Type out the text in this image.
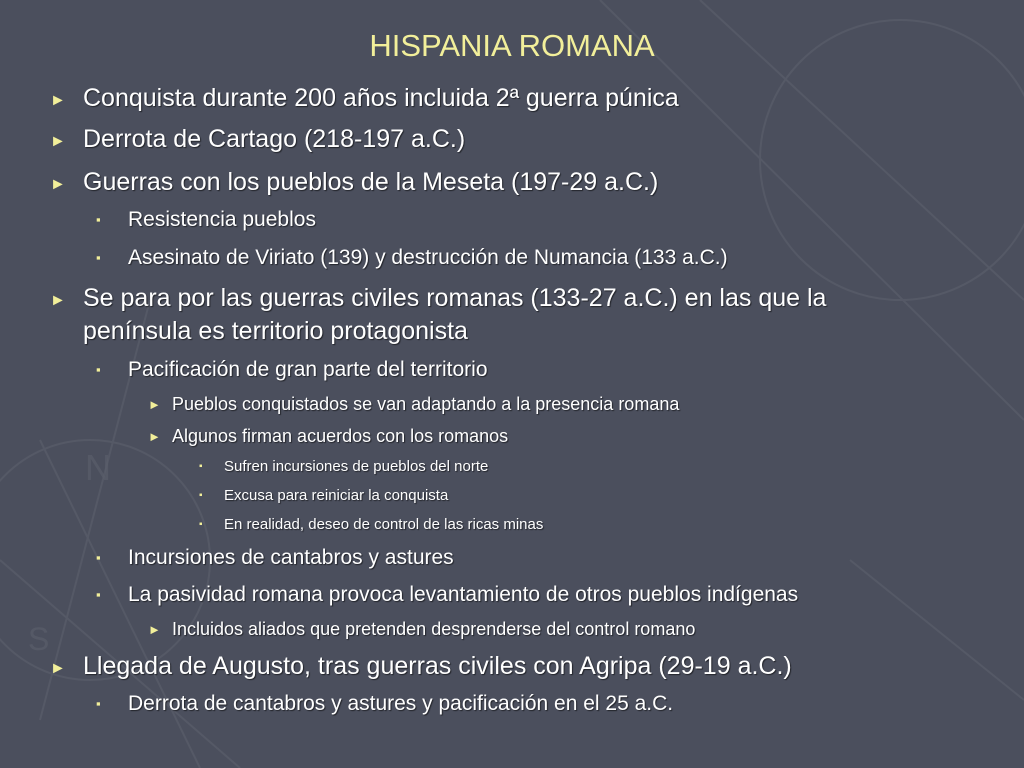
N
S
HISPANIA ROMANA
► Conquista durante 200 años incluida 2ª guerra púnica
► Derrota de Cartago (218-197 a.C.)
► Guerras con los pueblos de la Meseta (197-29 a.C.)
▪ Resistencia pueblos
▪ Asesinato de Viriato (139) y destrucción de Numancia (133 a.C.)
► Se para por las guerras civiles romanas (133-27 a.C.) en las que la
península es territorio protagonista
▪ Pacificación de gran parte del territorio
► Pueblos conquistados se van adaptando a la presencia romana
► Algunos firman acuerdos con los romanos
▪ Sufren incursiones de pueblos del norte
▪ Excusa para reiniciar la conquista
▪ En realidad, deseo de control de las ricas minas
▪ Incursiones de cantabros y astures
▪ La pasividad romana provoca levantamiento de otros pueblos indígenas
► Incluidos aliados que pretenden desprenderse del control romano
► Llegada de Augusto, tras guerras civiles con Agripa (29-19 a.C.)
▪ Derrota de cantabros y astures y pacificación en el 25 a.C.
